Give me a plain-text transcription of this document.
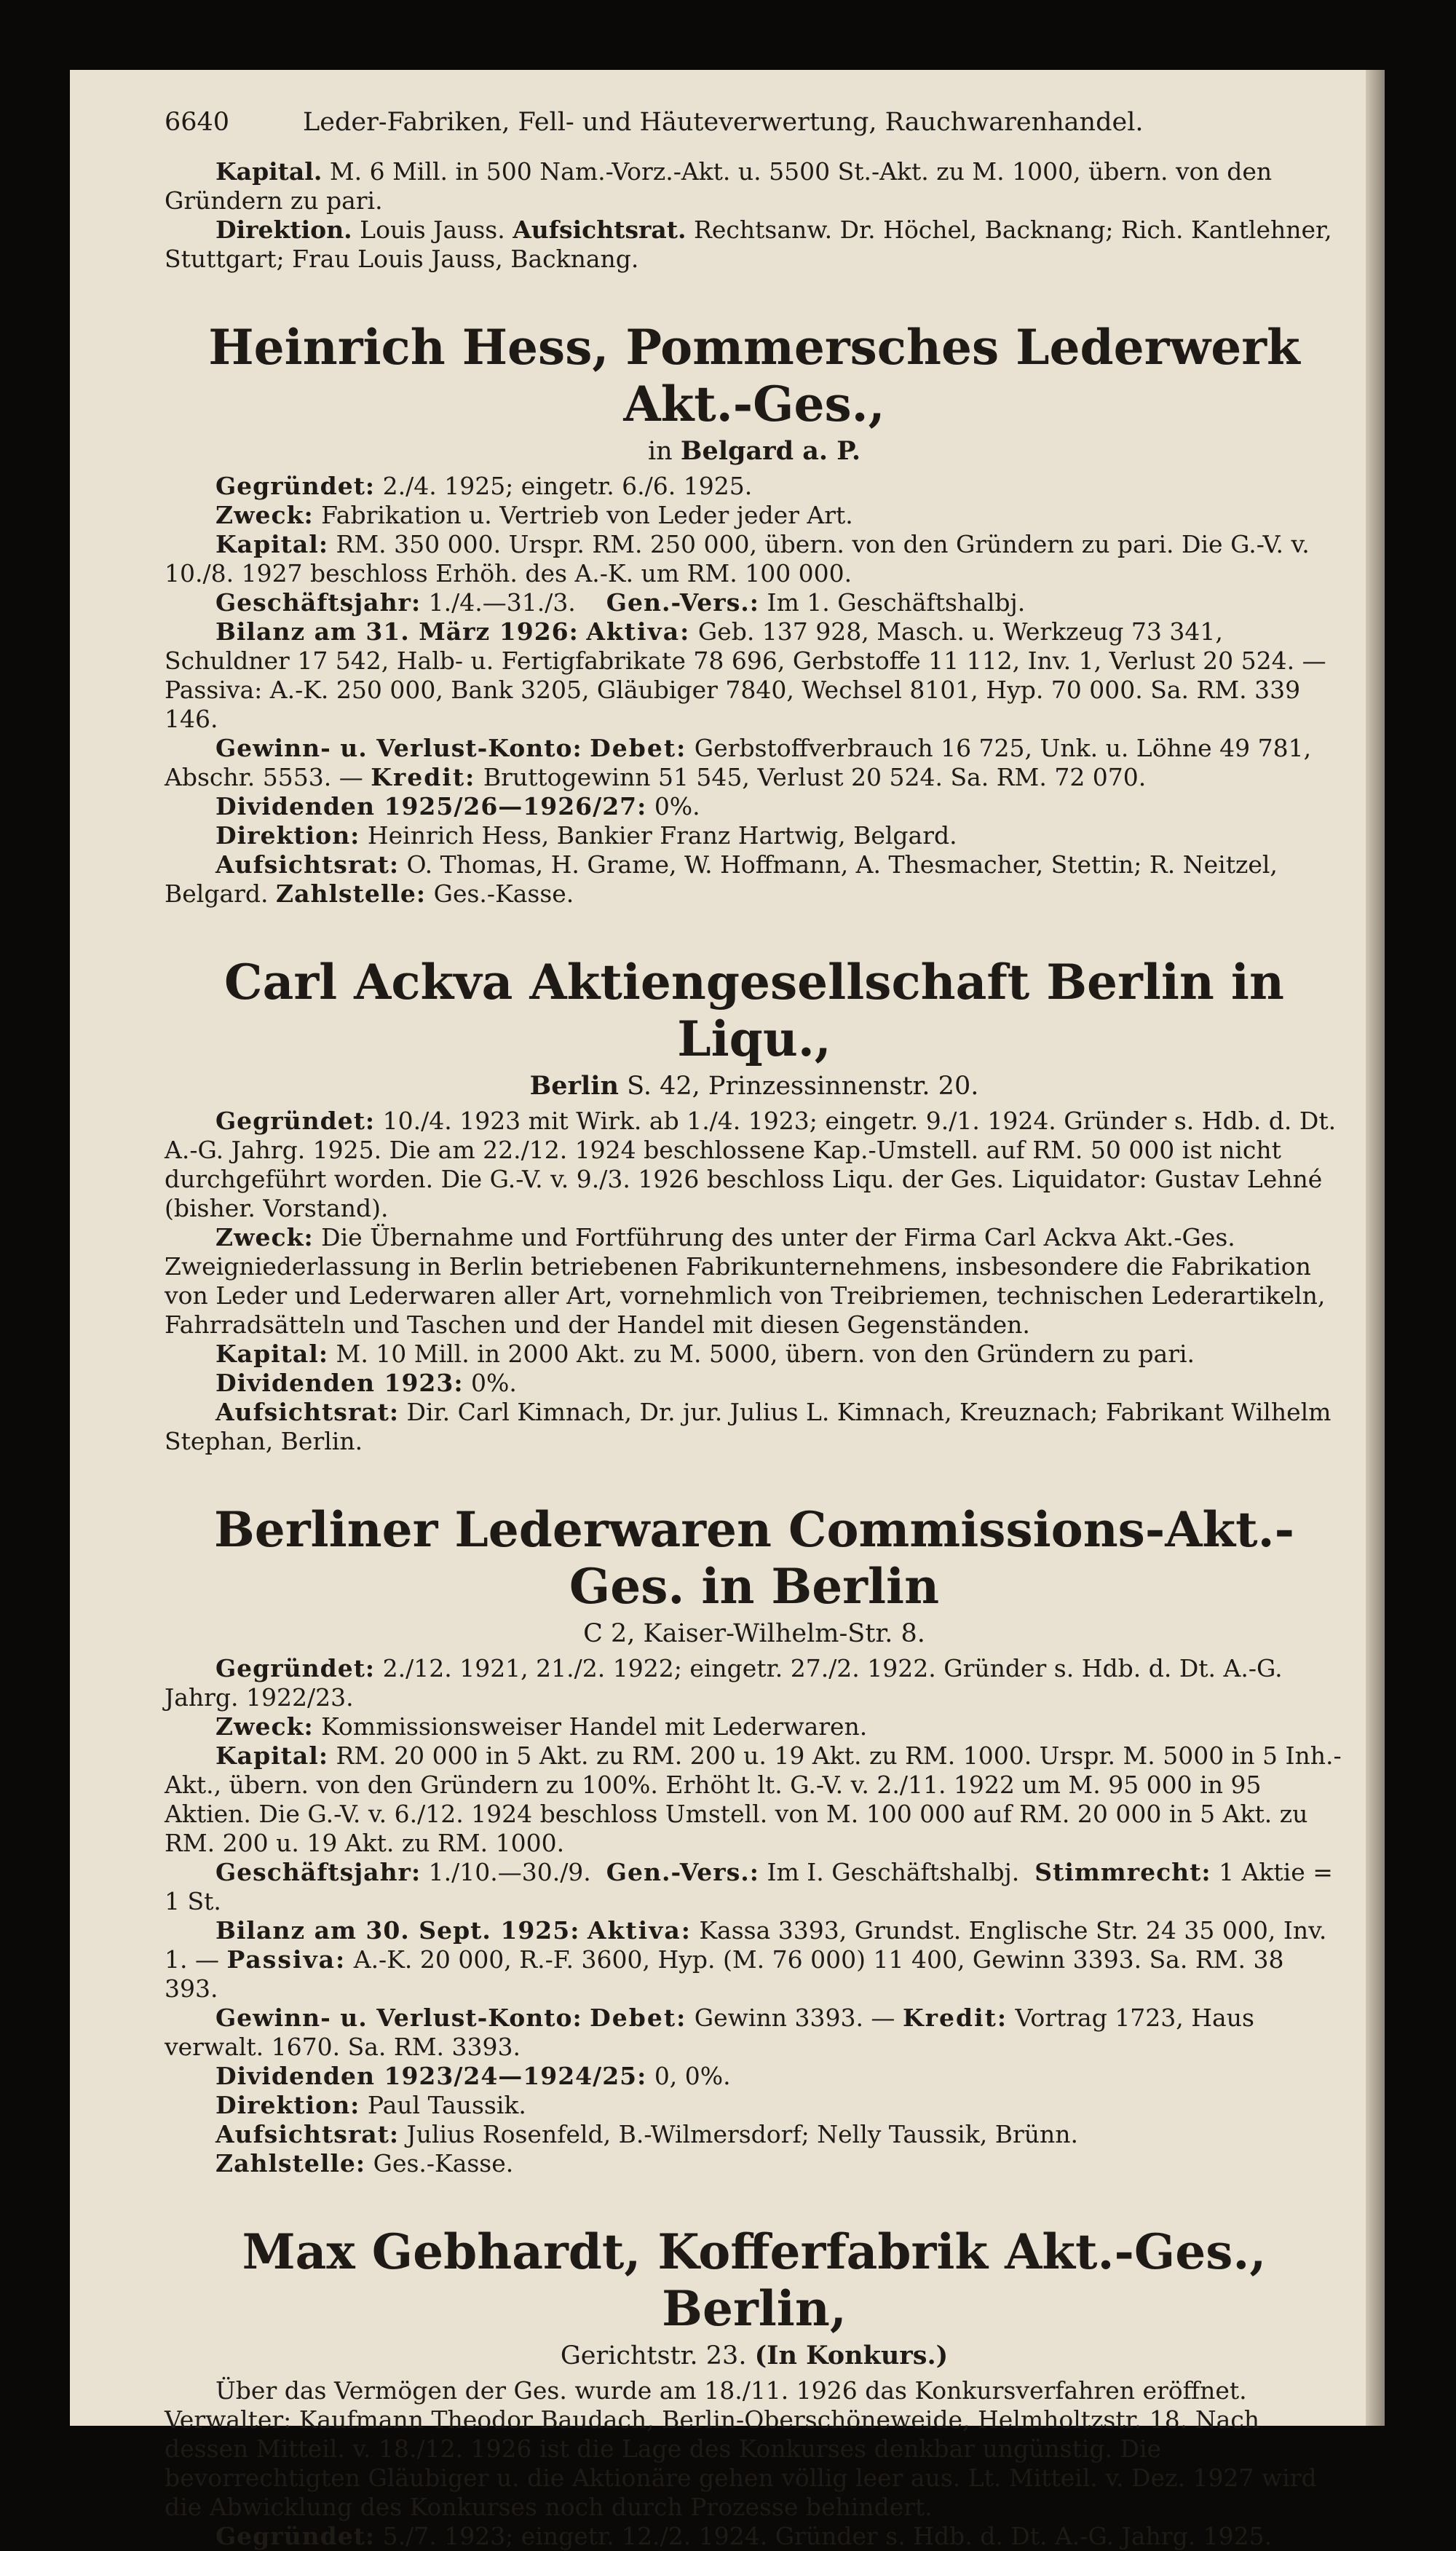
6640	Leder-Fabriken, Fell- und Häuteverwertung, Rauchwarenhandel.

Kapital. M. 6 Mill. in 500 Nam.-Vorz.-Akt. u. 5500 St.-Akt. zu M. 1000, übern. von den Gründern zu pari.

Direktion. Louis Jauss. Aufsichtsrat. Rechtsanw. Dr. Höchel, Backnang; Rich. Kantlehner, Stuttgart; Frau Louis Jauss, Backnang.

Heinrich Hess, Pommersches Lederwerk Akt.-Ges.,
in Belgard a. P.

Gegründet: 2./4. 1925; eingetr. 6./6. 1925.

Zweck: Fabrikation u. Vertrieb von Leder jeder Art.

Kapital: RM. 350 000. Urspr. RM. 250 000, übern. von den Gründern zu pari. Die G.-V. v. 10./8. 1927 beschloss Erhöh. des A.-K. um RM. 100 000.

Geschäftsjahr: 1./4.—31./3. Gen.-Vers.: Im 1. Geschäftshalbj.

Bilanz am 31. März 1926: Aktiva: Geb. 137 928, Masch. u. Werkzeug 73 341, Schuldner 17 542, Halb- u. Fertigfabrikate 78 696, Gerbstoffe 11 112, Inv. 1, Verlust 20 524. — Passiva: A.-K. 250 000, Bank 3205, Gläubiger 7840, Wechsel 8101, Hyp. 70 000. Sa. RM. 339 146.

Gewinn- u. Verlust-Konto: Debet: Gerbstoffverbrauch 16 725, Unk. u. Löhne 49 781, Abschr. 5553. — Kredit: Bruttogewinn 51 545, Verlust 20 524. Sa. RM. 72 070.

Dividenden 1925/26—1926/27: 0%.

Direktion: Heinrich Hess, Bankier Franz Hartwig, Belgard.

Aufsichtsrat: O. Thomas, H. Grame, W. Hoffmann, A. Thesmacher, Stettin; R. Neitzel, Belgard. Zahlstelle: Ges.-Kasse.

Carl Ackva Aktiengesellschaft Berlin in Liqu.,
Berlin S. 42, Prinzessinnenstr. 20.

Gegründet: 10./4. 1923 mit Wirk. ab 1./4. 1923; eingetr. 9./1. 1924. Gründer s. Hdb. d. Dt. A.-G. Jahrg. 1925. Die am 22./12. 1924 beschlossene Kap.-Umstell. auf RM. 50 000 ist nicht durchgeführt worden. Die G.-V. v. 9./3. 1926 beschloss Liqu. der Ges. Liquidator: Gustav Lehné (bisher. Vorstand).

Zweck: Die Übernahme und Fortführung des unter der Firma Carl Ackva Akt.-Ges. Zweigniederlassung in Berlin betriebenen Fabrikunternehmens, insbesondere die Fabrikation von Leder und Lederwaren aller Art, vornehmlich von Treibriemen, technischen Lederartikeln, Fahrradsätteln und Taschen und der Handel mit diesen Gegenständen.

Kapital: M. 10 Mill. in 2000 Akt. zu M. 5000, übern. von den Gründern zu pari.

Dividenden 1923: 0%.

Aufsichtsrat: Dir. Carl Kimnach, Dr. jur. Julius L. Kimnach, Kreuznach; Fabrikant Wilhelm Stephan, Berlin.

Berliner Lederwaren Commissions-Akt.-Ges. in Berlin
C 2, Kaiser-Wilhelm-Str. 8.

Gegründet: 2./12. 1921, 21./2. 1922; eingetr. 27./2. 1922. Gründer s. Hdb. d. Dt. A.-G. Jahrg. 1922/23.

Zweck: Kommissionsweiser Handel mit Lederwaren.

Kapital: RM. 20 000 in 5 Akt. zu RM. 200 u. 19 Akt. zu RM. 1000. Urspr. M. 5000 in 5 Inh.-Akt., übern. von den Gründern zu 100%. Erhöht lt. G.-V. v. 2./11. 1922 um M. 95 000 in 95 Aktien. Die G.-V. v. 6./12. 1924 beschloss Umstell. von M. 100 000 auf RM. 20 000 in 5 Akt. zu RM. 200 u. 19 Akt. zu RM. 1000.

Geschäftsjahr: 1./10.—30./9. Gen.-Vers.: Im I. Geschäftshalbj. Stimmrecht: 1 Aktie = 1 St.

Bilanz am 30. Sept. 1925: Aktiva: Kassa 3393, Grundst. Englische Str. 24 35 000, Inv. 1. — Passiva: A.-K. 20 000, R.-F. 3600, Hyp. (M. 76 000) 11 400, Gewinn 3393. Sa. RM. 38 393.

Gewinn- u. Verlust-Konto: Debet: Gewinn 3393. — Kredit: Vortrag 1723, Haus verwalt. 1670. Sa. RM. 3393.

Dividenden 1923/24—1924/25: 0, 0%.

Direktion: Paul Taussik.

Aufsichtsrat: Julius Rosenfeld, B.-Wilmersdorf; Nelly Taussik, Brünn.

Zahlstelle: Ges.-Kasse.

Max Gebhardt, Kofferfabrik Akt.-Ges., Berlin,
Gerichtstr. 23. (In Konkurs.)

Über das Vermögen der Ges. wurde am 18./11. 1926 das Konkursverfahren eröffnet. Verwalter: Kaufmann Theodor Baudach, Berlin-Oberschöneweide, Helmholtzstr. 18. Nach dessen Mitteil. v. 18./12. 1926 ist die Lage des Konkurses denkbar ungünstig. Die bevorrechtigten Gläubiger u. die Aktionäre gehen völlig leer aus. Lt. Mitteil. v. Dez. 1927 wird die Abwicklung des Konkurses noch durch Prozesse behindert.

Gegründet: 5./7. 1923; eingetr. 12./2. 1924. Gründer s. Hdb. d. Dt. A.-G. Jahrg. 1925.
